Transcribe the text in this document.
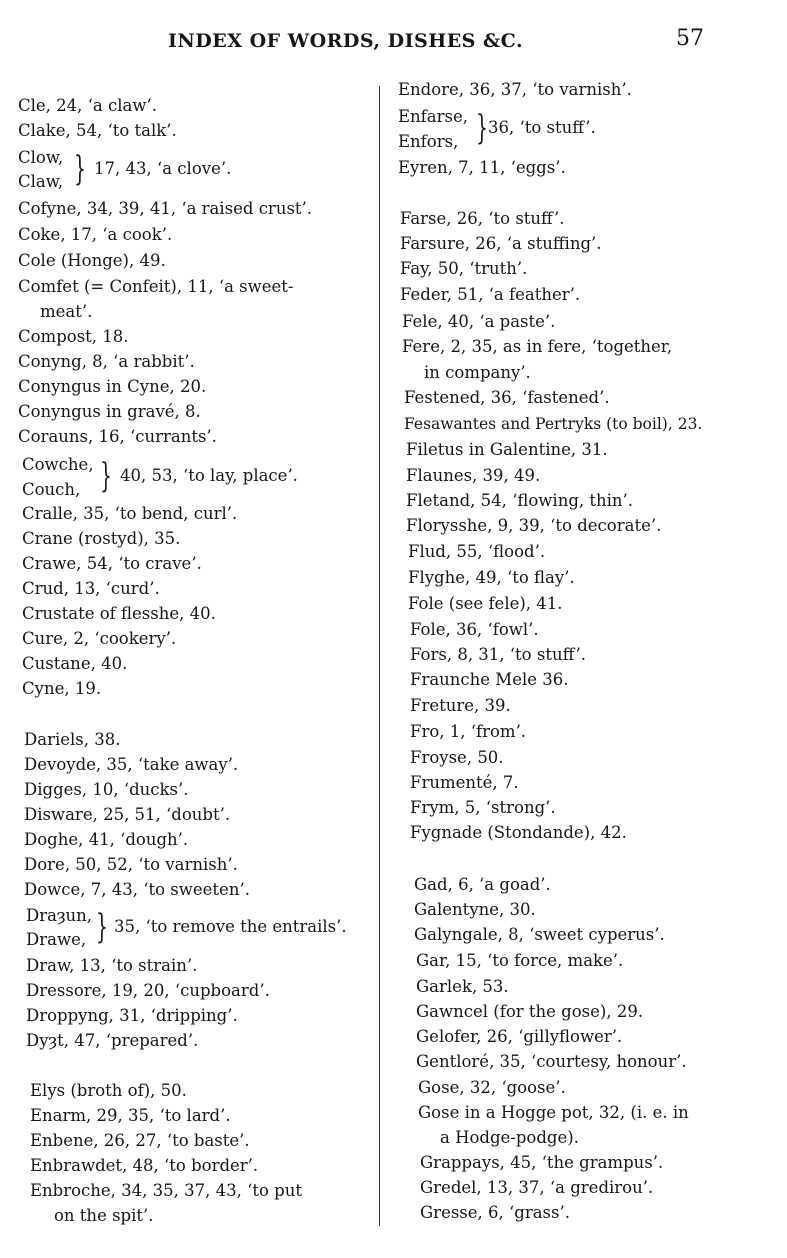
INDEX OF WORDS, DISHES &C.	57
Cle, 24, ‘a claw’.
Clake, 54, ‘to talk’.
Clow,
Claw, } 17, 43, ‘a clove’.
Cofyne, 34, 39, 41, ‘a raised crust’.
Coke, 17, ‘a cook’.
Cole (Honge), 49.
Comfet (= Confeit), 11, ‘a sweet-
meat’.
Compost, 18.
Conyng, 8, ‘a rabbit’.
Conyngus in Cyne, 20.
Conyngus in gravé, 8.
Corauns, 16, ‘currants’.
Cowche,
Couch, } 40, 53, ‘to lay, place’.
Cralle, 35, ‘to bend, curl’.
Crane (rostyd), 35.
Crawe, 54, ‘to crave’.
Crud, 13, ‘curd’.
Crustate of flesshe, 40.
Cure, 2, ‘cookery’.
Custane, 40.
Cyne, 19.
Dariels, 38.
Devoyde, 35, ‘take away’.
Digges, 10, ‘ducks’.
Disware, 25, 51, ‘doubt’.
Doghe, 41, ‘dough’.
Dore, 50, 52, ‘to varnish’.
Dowce, 7, 43, ‘to sweeten’.
Draȝun,
Drawe, } 35, ‘to remove the entrails’.
Draw, 13, ‘to strain’.
Dressore, 19, 20, ‘cupboard’.
Droppyng, 31, ‘dripping’.
Dyȝt, 47, ‘prepared’.
Elys (broth of), 50.
Enarm, 29, 35, ‘to lard’.
Enbene, 26, 27, ‘to baste’.
Enbrawdet, 48, ‘to border’.
Enbroche, 34, 35, 37, 43, ‘to put
on the spit’.
Endore, 36, 37, ‘to varnish’.
Enfarse,
Enfors, } 36, ‘to stuff’.
Eyren, 7, 11, ‘eggs’.
Farse, 26, ‘to stuff’.
Farsure, 26, ‘a stuffing’.
Fay, 50, ‘truth’.
Feder, 51, ‘a feather’.
Fele, 40, ‘a paste’.
Fere, 2, 35, as in fere, ‘together,
in company’.
Festened, 36, ‘fastened’.
Fesawantes and Pertryks (to boil), 23.
Filetus in Galentine, 31.
Flaunes, 39, 49.
Fletand, 54, ‘flowing, thin’.
Florysshe, 9, 39, ‘to decorate’.
Flud, 55, ‘flood’.
Flyghe, 49, ‘to flay’.
Fole (see fele), 41.
Fole, 36, ‘fowl’.
Fors, 8, 31, ‘to stuff’.
Fraunche Mele 36.
Freture, 39.
Fro, 1, ‘from’.
Froyse, 50.
Frumenté, 7.
Frym, 5, ‘strong’.
Fygnade (Stondande), 42.
Gad, 6, ‘a goad’.
Galentyne, 30.
Galyngale, 8, ‘sweet cyperus’.
Gar, 15, ‘to force, make’.
Garlek, 53.
Gawncel (for the gose), 29.
Gelofer, 26, ‘gillyflower’.
Gentloré, 35, ‘courtesy, honour’.
Gose, 32, ‘goose’.
Gose in a Hogge pot, 32, (i. e. in
a Hodge-podge).
Grappays, 45, ‘the grampus’.
Gredel, 13, 37, ‘a gredirou’.
Gresse, 6, ‘grass’.
